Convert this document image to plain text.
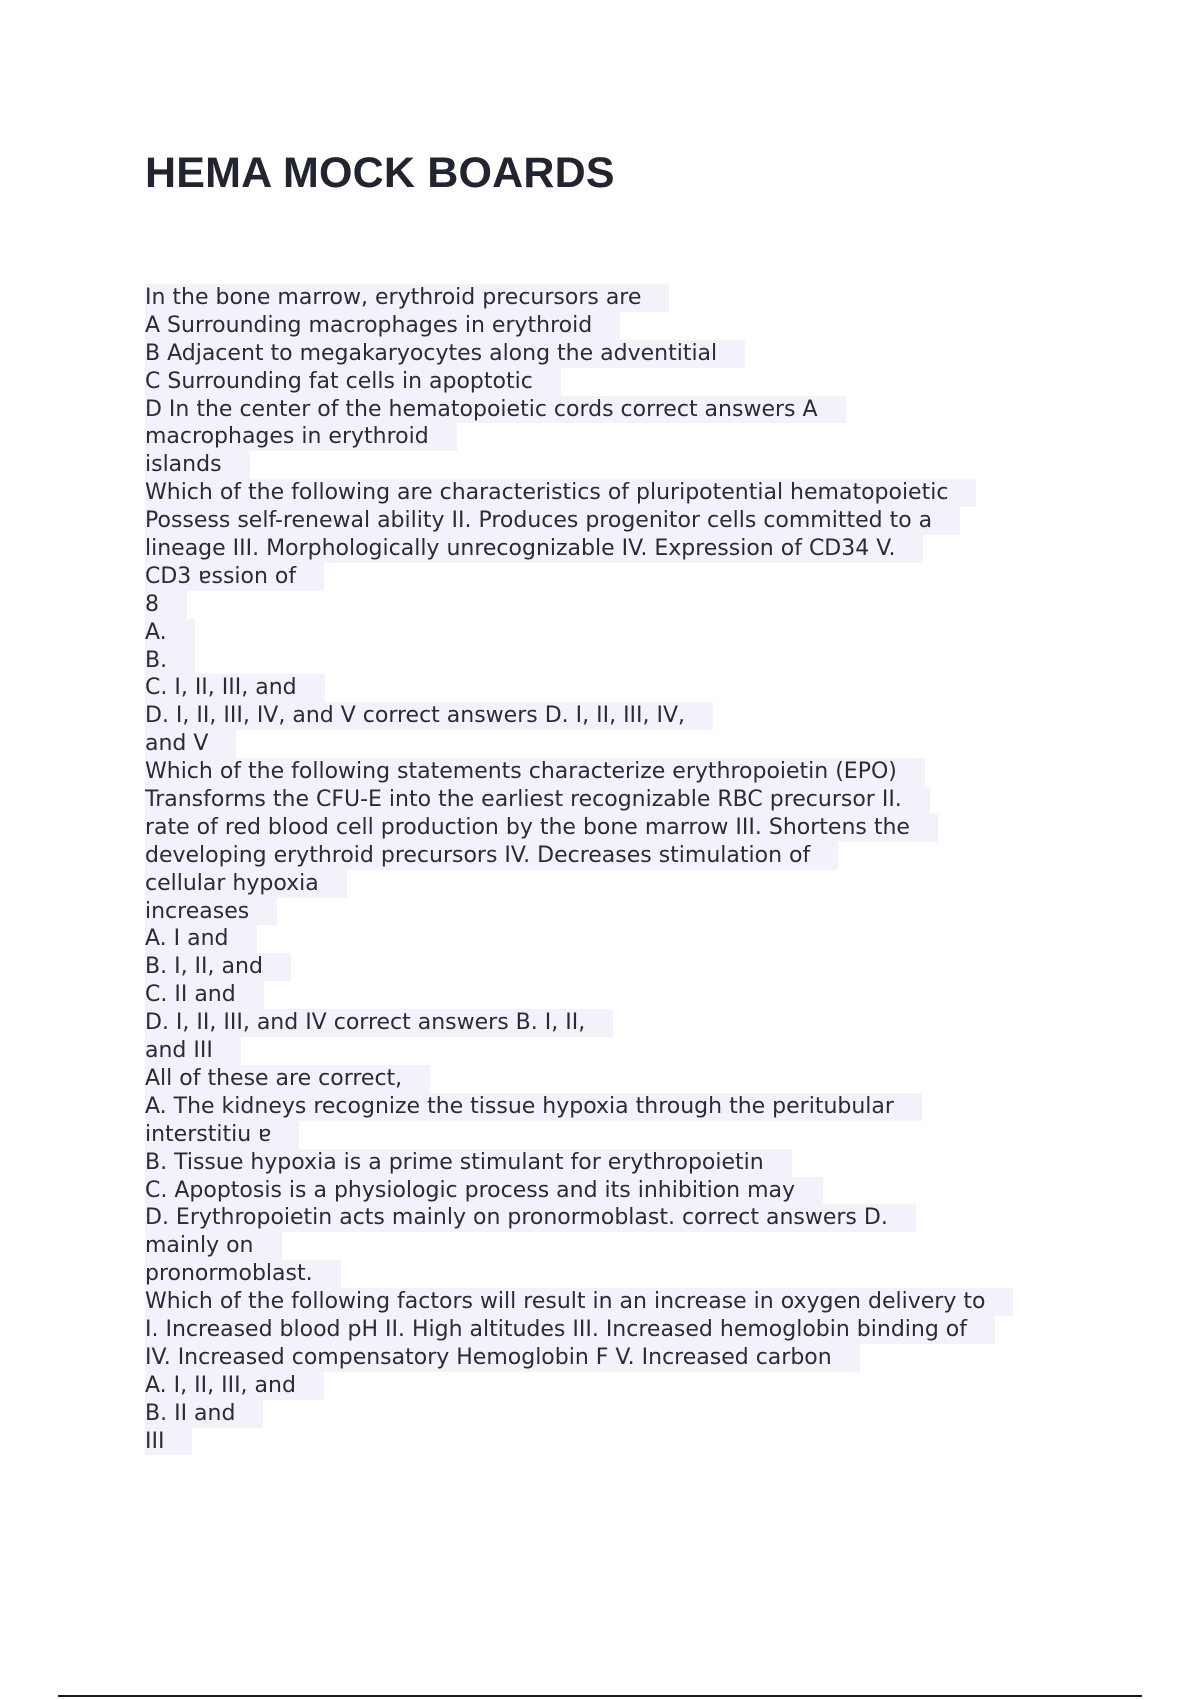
HEMA MOCK BOARDS
In the bone marrow, erythroid precursors are
A Surrounding macrophages in erythroid
B Adjacent to megakaryocytes along the adventitial
C Surrounding fat cells in apoptotic
D In the center of the hematopoietic cords correct answers A
macrophages in erythroid
islands
Which of the following are characteristics of pluripotential hematopoietic
Possess self-renewal ability II. Produces progenitor cells committed to a
lineage III. Morphologically unrecognizable IV. Expression of CD34 V.
CD3 ɐssion of
8
A.
B.
C. I, II, III, and
D. I, II, III, IV, and V correct answers D. I, II, III, IV,
and V
Which of the following statements characterize erythropoietin (EPO)
Transforms the CFU-E into the earliest recognizable RBC precursor II.
rate of red blood cell production by the bone marrow III. Shortens the
developing erythroid precursors IV. Decreases stimulation of
cellular hypoxia
increases
A. I and
B. I, II, and
C. II and
D. I, II, III, and IV correct answers B. I, II,
and III
All of these are correct,
A. The kidneys recognize the tissue hypoxia through the peritubular
interstitiu ɐ
B. Tissue hypoxia is a prime stimulant for erythropoietin
C. Apoptosis is a physiologic process and its inhibition may
D. Erythropoietin acts mainly on pronormoblast. correct answers D.
mainly on
pronormoblast.
Which of the following factors will result in an increase in oxygen delivery to
I. Increased blood pH II. High altitudes III. Increased hemoglobin binding of
IV. Increased compensatory Hemoglobin F V. Increased carbon
A. I, II, III, and
B. II and
III
